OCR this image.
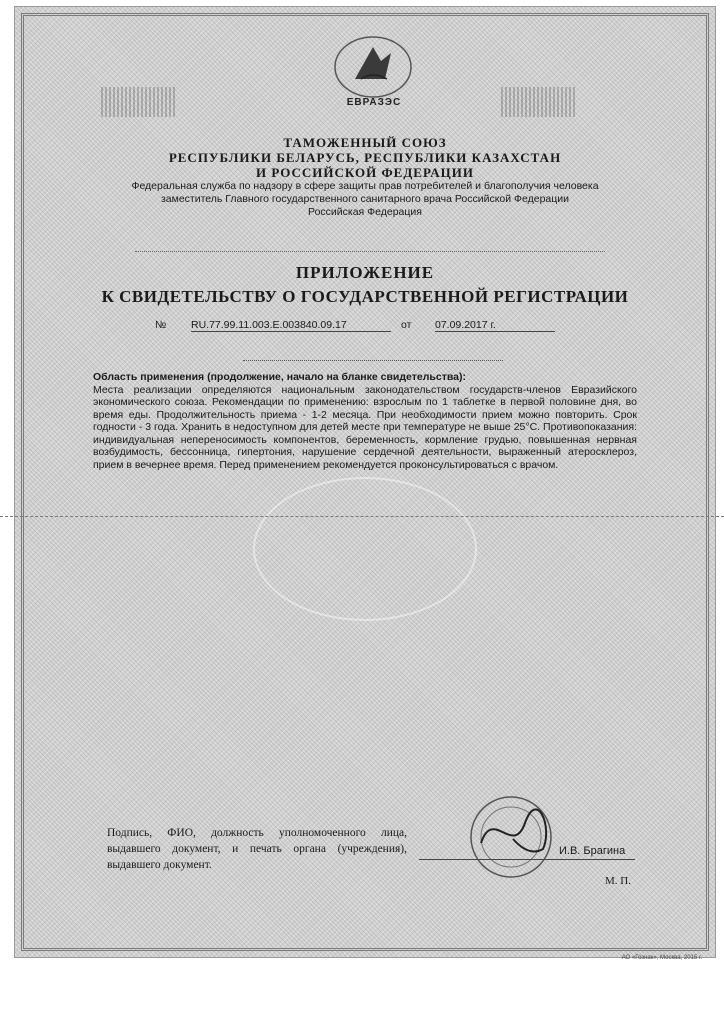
ЕВРАЗЭС
ТАМОЖЕННЫЙ СОЮЗ
РЕСПУБЛИКИ БЕЛАРУСЬ, РЕСПУБЛИКИ КАЗАХСТАН
И РОССИЙСКОЙ ФЕДЕРАЦИИ
Федеральная служба по надзору в сфере защиты прав потребителей и благополучия человека
заместитель Главного государственного санитарного врача Российской Федерации
Российская Федерация
ПРИЛОЖЕНИЕ
К СВИДЕТЕЛЬСТВУ О ГОСУДАРСТВЕННОЙ РЕГИСТРАЦИИ
№ RU.77.99.11.003.E.003840.09.17	от 07.09.2017 г.
Область применения (продолжение, начало на бланке свидетельства):
Места реализации определяются национальным законодательством государств-членов Евразийского экономического союза. Рекомендации по применению: взрослым по 1 таблетке в первой половине дня, во время еды. Продолжительность приема - 1-2 месяца. При необходимости прием можно повторить. Срок годности - 3 года. Хранить в недоступном для детей месте при температуре не выше 25°С. Противопоказания: индивидуальная непереносимость компонентов, беременность, кормление грудью, повышенная нервная возбудимость, бессонница, гипертония, нарушение сердечной деятельности, выраженный атеросклероз, прием в вечернее время. Перед применением рекомендуется проконсультироваться с врачом.
Подпись, ФИО, должность уполномоченного лица, выдавшего документ, и печать органа (учреждения), выдавшего документ.
И.В. Брагина
М. П.
АО «Гознак», Москва, 2015 г.
